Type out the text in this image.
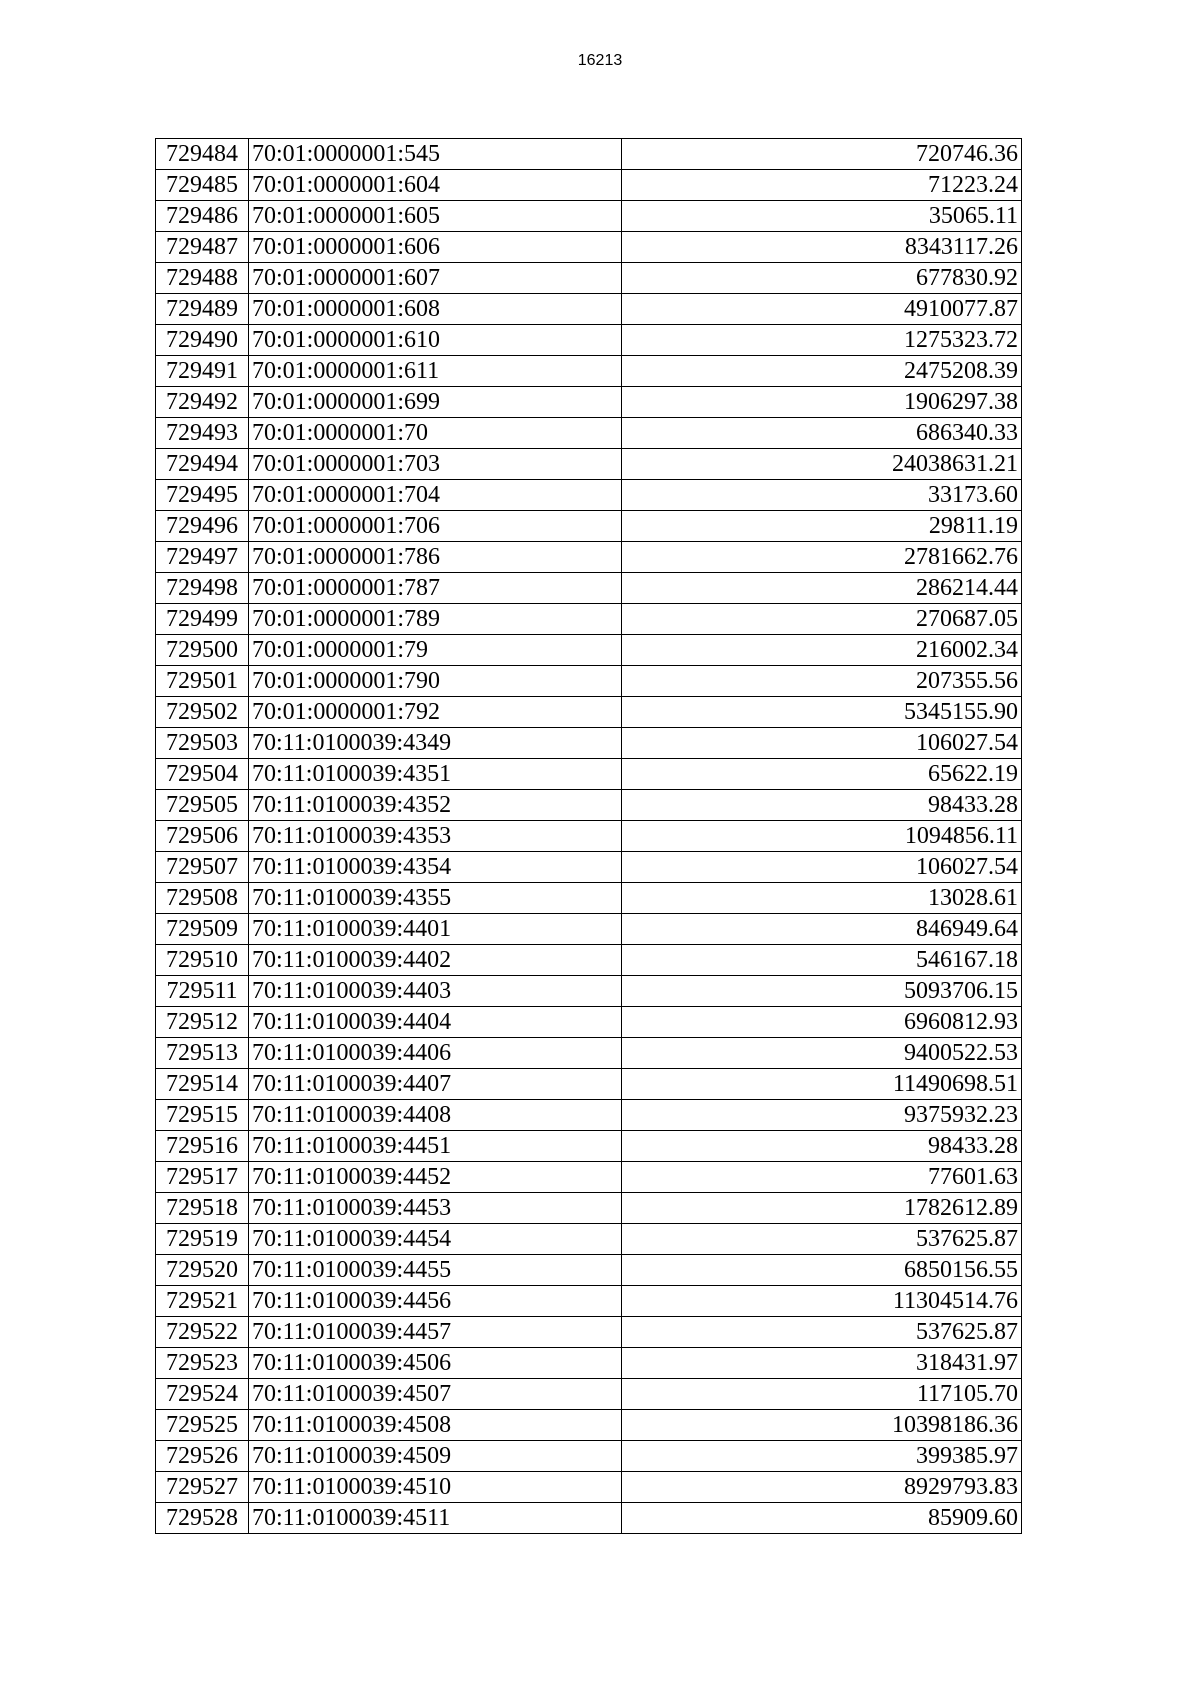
16213
729484	70:01:0000001:545	720746.36
729485	70:01:0000001:604	71223.24
729486	70:01:0000001:605	35065.11
729487	70:01:0000001:606	8343117.26
729488	70:01:0000001:607	677830.92
729489	70:01:0000001:608	4910077.87
729490	70:01:0000001:610	1275323.72
729491	70:01:0000001:611	2475208.39
729492	70:01:0000001:699	1906297.38
729493	70:01:0000001:70	686340.33
729494	70:01:0000001:703	24038631.21
729495	70:01:0000001:704	33173.60
729496	70:01:0000001:706	29811.19
729497	70:01:0000001:786	2781662.76
729498	70:01:0000001:787	286214.44
729499	70:01:0000001:789	270687.05
729500	70:01:0000001:79	216002.34
729501	70:01:0000001:790	207355.56
729502	70:01:0000001:792	5345155.90
729503	70:11:0100039:4349	106027.54
729504	70:11:0100039:4351	65622.19
729505	70:11:0100039:4352	98433.28
729506	70:11:0100039:4353	1094856.11
729507	70:11:0100039:4354	106027.54
729508	70:11:0100039:4355	13028.61
729509	70:11:0100039:4401	846949.64
729510	70:11:0100039:4402	546167.18
729511	70:11:0100039:4403	5093706.15
729512	70:11:0100039:4404	6960812.93
729513	70:11:0100039:4406	9400522.53
729514	70:11:0100039:4407	11490698.51
729515	70:11:0100039:4408	9375932.23
729516	70:11:0100039:4451	98433.28
729517	70:11:0100039:4452	77601.63
729518	70:11:0100039:4453	1782612.89
729519	70:11:0100039:4454	537625.87
729520	70:11:0100039:4455	6850156.55
729521	70:11:0100039:4456	11304514.76
729522	70:11:0100039:4457	537625.87
729523	70:11:0100039:4506	318431.97
729524	70:11:0100039:4507	117105.70
729525	70:11:0100039:4508	10398186.36
729526	70:11:0100039:4509	399385.97
729527	70:11:0100039:4510	8929793.83
729528	70:11:0100039:4511	85909.60
